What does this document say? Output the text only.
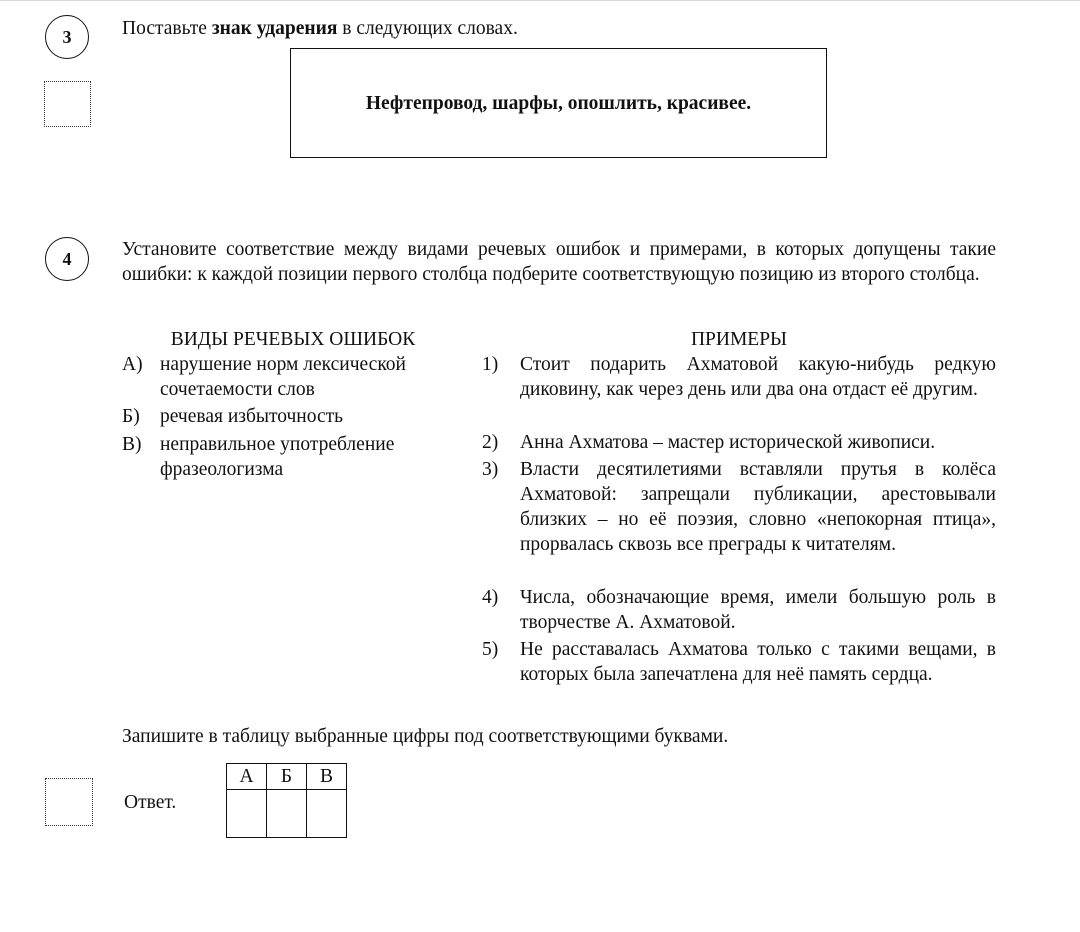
3	Поставьте знак ударения в следующих словах.
Нефтепровод, шарфы, опошлить, красивее.
4	Установите соответствие между видами речевых ошибок и примерами, в которых допущены такие ошибки: к каждой позиции первого столбца подберите соответствующую позицию из второго столбца.
ВИДЫ РЕЧЕВЫХ ОШИБОК	ПРИМЕРЫ
А) нарушение норм лексической сочетаемости слов
Б) речевая избыточность
В) неправильное употребление фразеологизма
1) Стоит подарить Ахматовой какую-нибудь редкую диковину, как через день или два она отдаст её другим.
2) Анна Ахматова – мастер исторической живописи.
3) Власти десятилетиями вставляли прутья в колёса Ахматовой: запрещали публикации, арестовывали близких – но её поэзия, словно «непокорная птица», прорвалась сквозь все преграды к читателям.
4) Числа, обозначающие время, имели большую роль в творчестве А. Ахматовой.
5) Не расставалась Ахматова только с такими вещами, в которых была запечатлена для неё память сердца.
Запишите в таблицу выбранные цифры под соответствующими буквами.
Ответ.
А	Б	В
